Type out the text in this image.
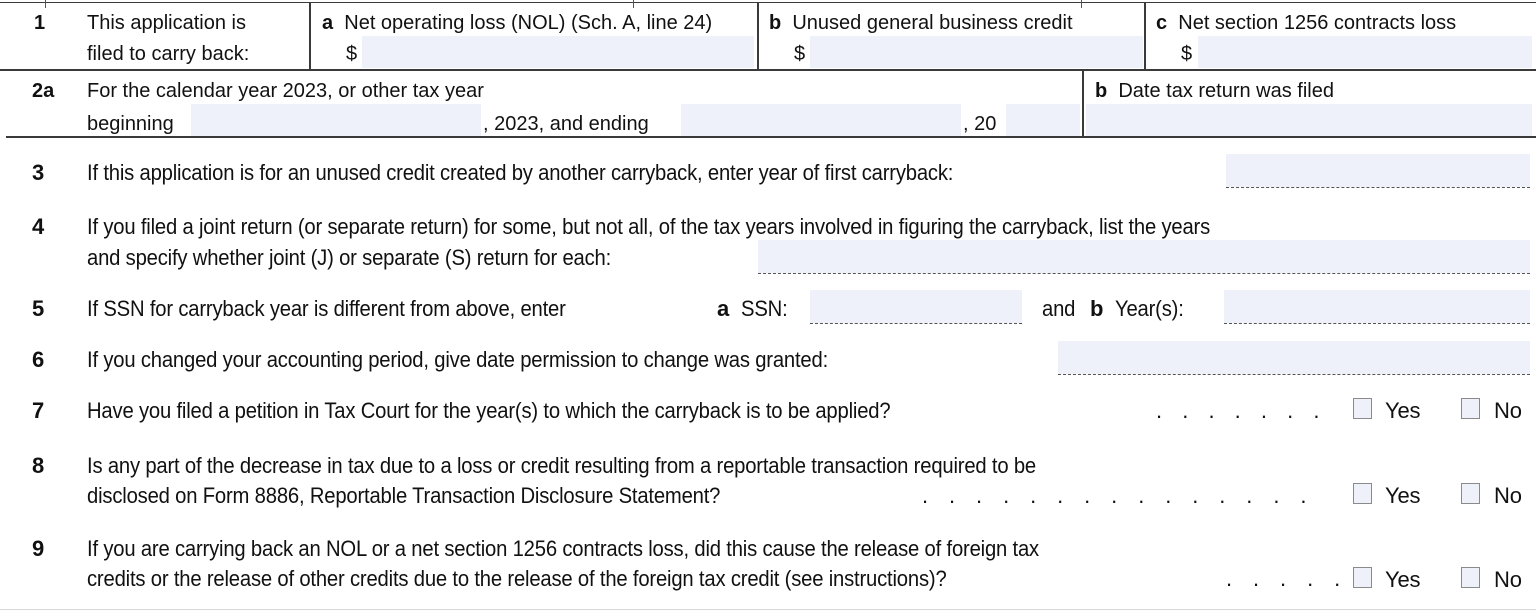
1 This application is
filed to carry back:
a Net operating loss (NOL) (Sch. A, line 24)
$
b Unused general business credit
$
c Net section 1256 contracts loss
$
2a For the calendar year 2023, or other tax year
beginning	, 2023, and ending	, 20
b Date tax return was filed
3 If this application is for an unused credit created by another carryback, enter year of first carryback:
4 If you filed a joint return (or separate return) for some, but not all, of the tax years involved in figuring the carryback, list the years
and specify whether joint (J) or separate (S) return for each:
5 If SSN for carryback year is different from above, enter	a SSN:	and b Year(s):
6 If you changed your accounting period, give date permission to change was granted:
7 Have you filed a petition in Tax Court for the year(s) to which the carryback is to be applied?	. . . . . . .	Yes	No
8 Is any part of the decrease in tax due to a loss or credit resulting from a reportable transaction required to be
disclosed on Form 8886, Reportable Transaction Disclosure Statement?	. . . . . . . . . . . . . . .	Yes	No
9 If you are carrying back an NOL or a net section 1256 contracts loss, did this cause the release of foreign tax
credits or the release of other credits due to the release of the foreign tax credit (see instructions)?	. . . . . Yes	No
